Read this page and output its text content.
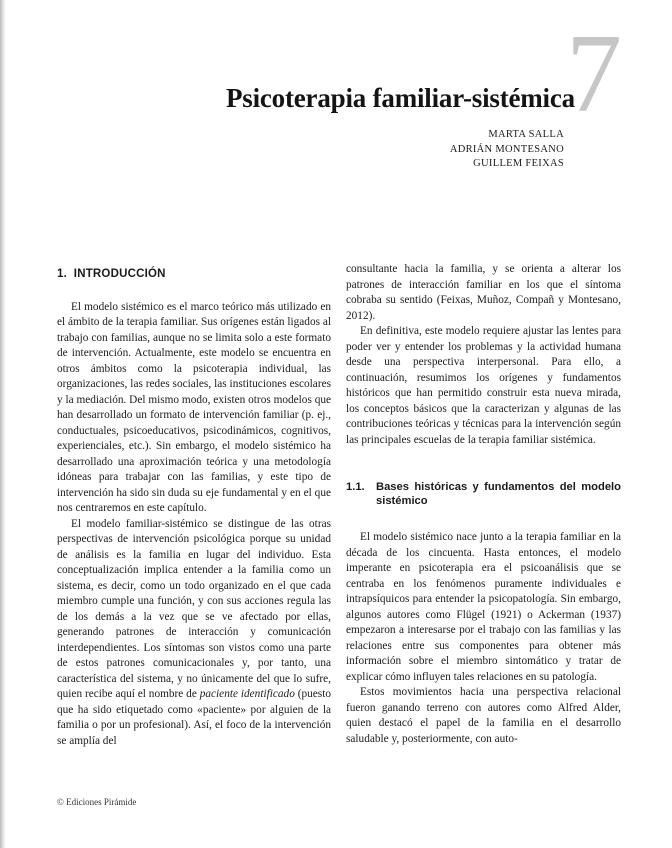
7
Psicoterapia familiar-sistémica
MARTA SALLA
ADRIÁN MONTESANO
GUILLEM FEIXAS
1. INTRODUCCIÓN

El modelo sistémico es el marco teórico más utilizado en el ámbito de la terapia familiar. Sus orígenes están ligados al trabajo con familias, aunque no se limita solo a este formato de intervención. Actualmente, este modelo se encuentra en otros ámbitos como la psicoterapia individual, las organizaciones, las redes sociales, las instituciones escolares y la mediación. Del mismo modo, existen otros modelos que han desarrollado un formato de intervención familiar (p. ej., conductuales, psicoeducativos, psicodinámicos, cognitivos, experienciales, etc.). Sin embargo, el modelo sistémico ha desarrollado una aproximación teórica y una metodología idóneas para trabajar con las familias, y este tipo de intervención ha sido sin duda su eje fundamental y en el que nos centraremos en este capítulo.

El modelo familiar-sistémico se distingue de las otras perspectivas de intervención psicológica porque su unidad de análisis es la familia en lugar del individuo. Esta conceptualización implica entender a la familia como un sistema, es decir, como un todo organizado en el que cada miembro cumple una función, y con sus acciones regula las de los demás a la vez que se ve afectado por ellas, generando patrones de interacción y comunicación interdependientes. Los síntomas son vistos como una parte de estos patrones comunicacionales y, por tanto, una característica del sistema, y no únicamente del que lo sufre, quien recibe aquí el nombre de paciente identificado (puesto que ha sido etiquetado como «paciente» por alguien de la familia o por un profesional). Así, el foco de la intervención se amplía del

consultante hacia la familia, y se orienta a alterar los patrones de interacción familiar en los que el síntoma cobraba su sentido (Feixas, Muñoz, Compañ y Montesano, 2012).

En definitiva, este modelo requiere ajustar las lentes para poder ver y entender los problemas y la actividad humana desde una perspectiva interpersonal. Para ello, a continuación, resumimos los orígenes y fundamentos históricos que han permitido construir esta nueva mirada, los conceptos básicos que la caracterizan y algunas de las contribuciones teóricas y técnicas para la intervención según las principales escuelas de la terapia familiar sistémica.

1.1.	Bases históricas y fundamentos del modelo sistémico

El modelo sistémico nace junto a la terapia familiar en la década de los cincuenta. Hasta entonces, el modelo imperante en psicoterapia era el psicoanálisis que se centraba en los fenómenos puramente individuales e intrapsíquicos para entender la psicopatología. Sin embargo, algunos autores como Flügel (1921) o Ackerman (1937) empezaron a interesarse por el trabajo con las familias y las relaciones entre sus componentes para obtener más información sobre el miembro sintomático y tratar de explicar cómo influyen tales relaciones en su patología.

Estos movimientos hacia una perspectiva relacional fueron ganando terreno con autores como Alfred Alder, quien destacó el papel de la familia en el desarrollo saludable y, posteriormente, con auto-

© Ediciones Pirámide
